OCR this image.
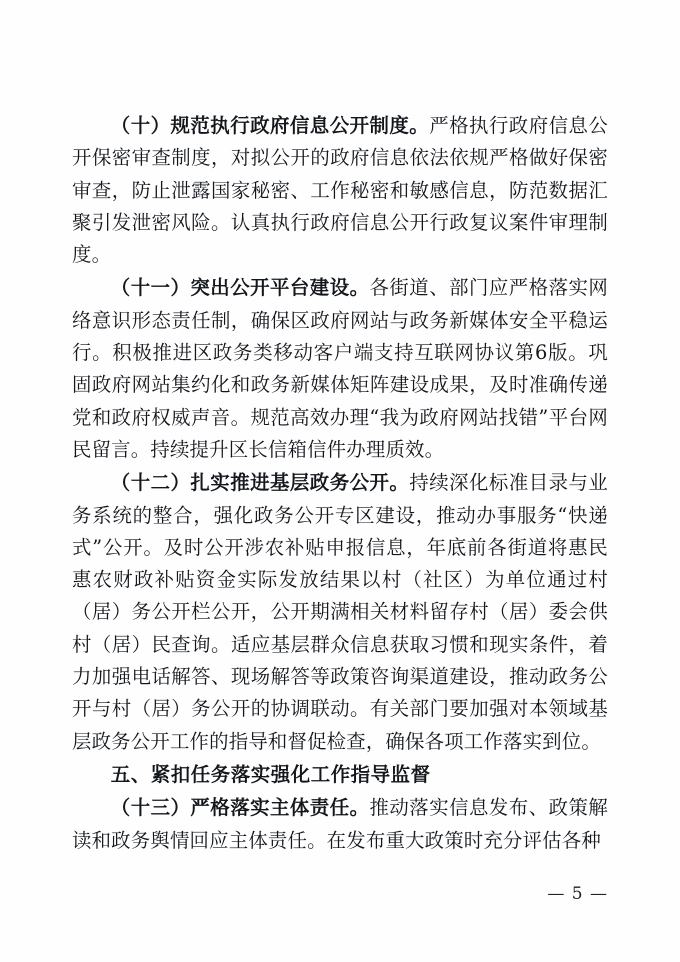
（十）规范执行政府信息公开制度。严格执行政府信息公开保密审查制度，对拟公开的政府信息依法依规严格做好保密审查，防止泄露国家秘密、工作秘密和敏感信息，防范数据汇聚引发泄密风险。认真执行政府信息公开行政复议案件审理制度。

（十一）突出公开平台建设。各街道、部门应严格落实网络意识形态责任制，确保区政府网站与政务新媒体安全平稳运行。积极推进区政务类移动客户端支持互联网协议第6版。巩固政府网站集约化和政务新媒体矩阵建设成果，及时准确传递党和政府权威声音。规范高效办理“我为政府网站找错”平台网民留言。持续提升区长信箱信件办理质效。

（十二）扎实推进基层政务公开。持续深化标准目录与业务系统的整合，强化政务公开专区建设，推动办事服务“快递式”公开。及时公开涉农补贴申报信息，年底前各街道将惠民惠农财政补贴资金实际发放结果以村（社区）为单位通过村（居）务公开栏公开，公开期满相关材料留存村（居）委会供村（居）民查询。适应基层群众信息获取习惯和现实条件，着力加强电话解答、现场解答等政策咨询渠道建设，推动政务公开与村（居）务公开的协调联动。有关部门要加强对本领域基层政务公开工作的指导和督促检查，确保各项工作落实到位。

五、紧扣任务落实强化工作指导监督

（十三）严格落实主体责任。推动落实信息发布、政策解读和政务舆情回应主体责任。在发布重大政策时充分评估各种

— 5 —
